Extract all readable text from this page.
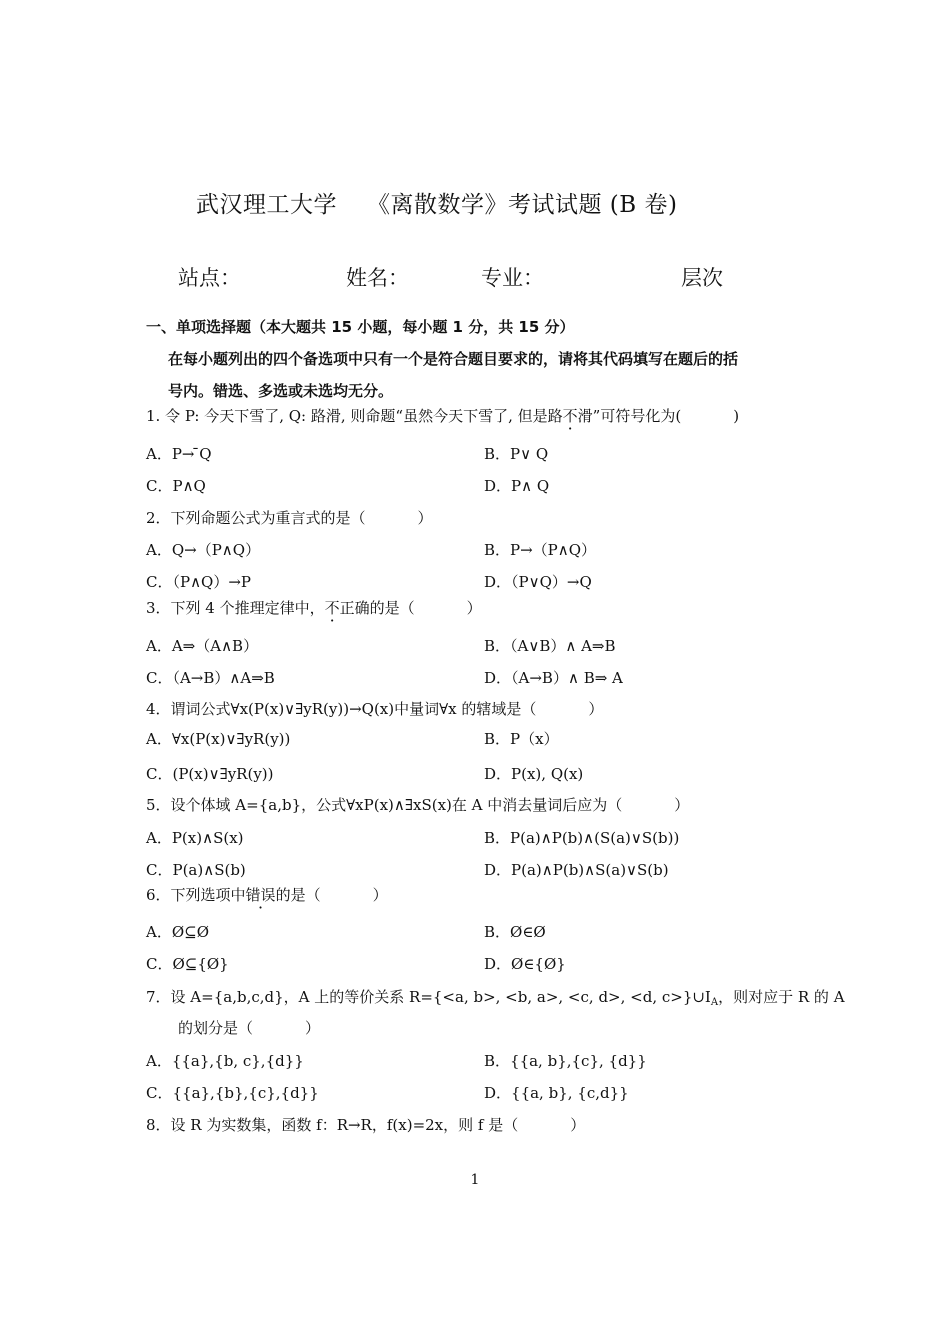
武汉理工大学 《离散数学》考试试题 (B 卷)
站点：	姓名：	专业：	层次
一、单项选择题（本大题共 15 小题，每小题 1 分，共 15 分）
在每小题列出的四个备选项中只有一个是符合题目要求的，请将其代码填写在题后的括
号内。错选、多选或未选均无分。
1. 令 P: 今天下雪了, Q: 路滑, 则命题“虽然今天下雪了, 但是路不滑”可符号化为(	)
A．P→ ̄Q	B．P∨ Q
C．P∧Q	D．P∧ Q
2．下列命题公式为重言式的是（	）
A．Q→（P∧Q）	B．P→（P∧Q）
C．（P∧Q）→P	D．（P∨Q）→Q
3．下列 4 个推理定律中，不正确的是（	）
A．A⇒（A∧B）	B．（A∨B）∧ A⇒B
C．（A→B）∧A⇒B	D．（A→B）∧ B⇒ A
4．谓词公式∀x(P(x)∨∃yR(y))→Q(x)中量词∀x 的辖域是（	）
A．∀x(P(x)∨∃yR(y))	B．P（x）
C．(P(x)∨∃yR(y))	D．P(x), Q(x)
5．设个体域 A={a,b}，公式∀xP(x)∧∃xS(x)在 A 中消去量词后应为（	）
A．P(x)∧S(x)	B．P(a)∧P(b)∧(S(a)∨S(b))
C．P(a)∧S(b)	D．P(a)∧P(b)∧S(a)∨S(b)
6．下列选项中错误的是（	）
A．Ø⊆Ø	B．Ø∈Ø
C．Ø⊆{Ø}	D．Ø∈{Ø}
7．设 A={a,b,c,d}，A 上的等价关系 R={<a, b>, <b, a>, <c, d>, <d, $c>\}\cup I_A$，则对应于 R 的 A
的划分是（	）
A．{{a},{b, c},{d}}	B．{{a, b},{c}, {d}}
C．{{a},{b},{c},{d}}	D．{{a, b}, {c,d}}
8．设 R 为实数集，函数 f：R→R，f(x)=2x，则 f 是（	）
1
